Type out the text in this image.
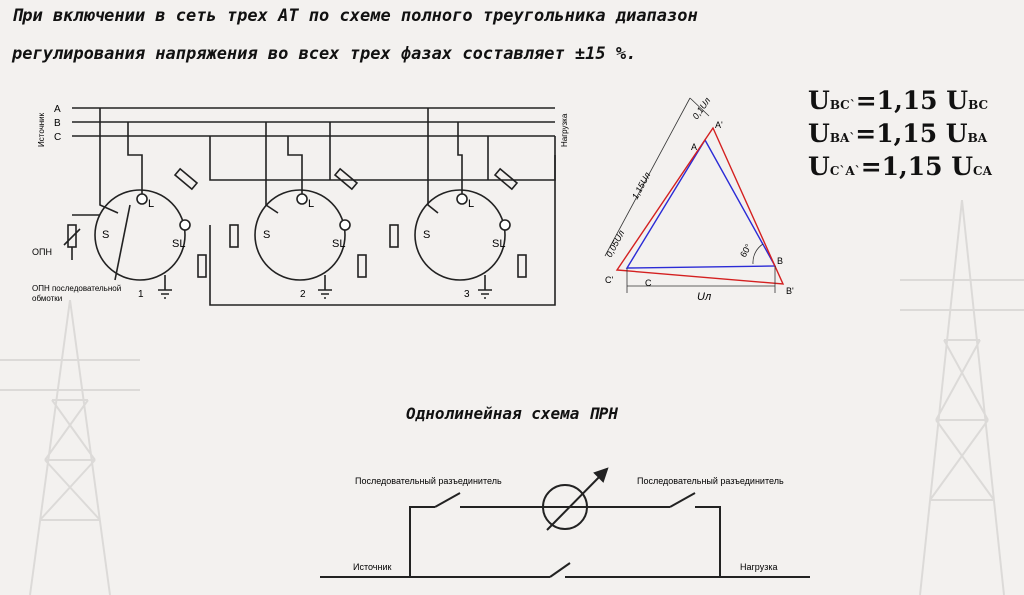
При включении в сеть трех АТ по схеме полного треугольника диапазон
регулирования напряжения во всех трех фазах составляет ±15 %.
UBC`=1,15 UBC
UBA`=1,15 UBA
UC`A`=1,15 UCA
A
B
C
Источник	Нагрузка
ОПН
ОПН последовательной
обмотки
S
L
SL
S
L
SL
S
L
SL
1	2	3
0,1Uл
1,15Uл
0,05Uл
Uл
60°
A'
A
B
B'
C
C'
Однолинейная схема ПРН
Последовательный разъединитель	Последовательный разъединитель
Источник	Нагрузка
